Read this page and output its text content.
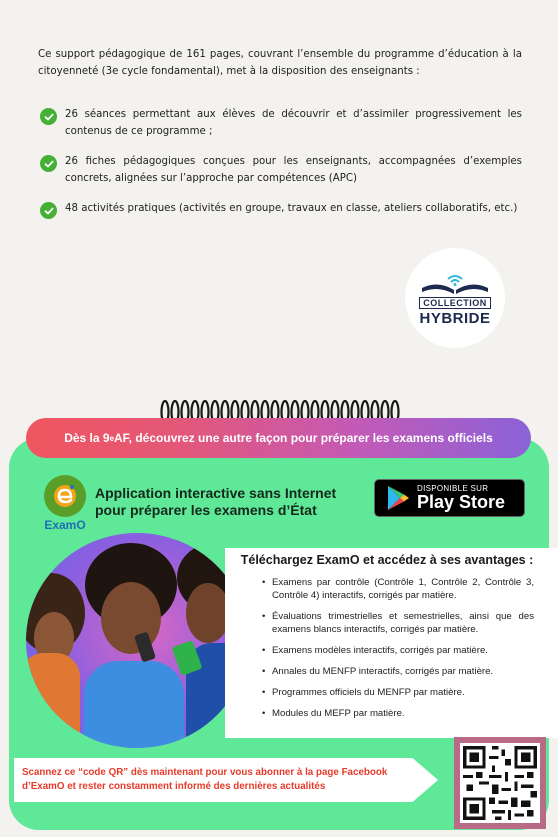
Ce support pédagogique de 161 pages, couvrant l’ensemble du programme d’éducation à la citoyenneté (3e cycle fondamental), met à la disposition des enseignants :

26 séances permettant aux élèves de découvrir et d’assimiler progressivement les contenus de ce programme ;
26 fiches pédagogiques conçues pour les enseignants, accompagnées d’exemples concrets, alignées sur l’approche par compétences (APC)
48 activités pratiques (activités en groupe, travaux en classe, ateliers collaboratifs, etc.)
COLLECTION
HYBRIDE
Dès la 9 e AF, découvrez une autre façon pour préparer les examens officiels
ExamO
Application interactive sans Internet pour préparer les examens d’État
DISPONIBLE SUR
Play Store
Téléchargez ExamO et accédez à ses avantages :
• Examens par contrôle (Contrôle 1, Contrôle 2, Contrôle 3, Contrôle 4) interactifs, corrigés par matière.
• Évaluations trimestrielles et semestrielles, ainsi que des examens blancs interactifs, corrigés par matière.
• Examens modèles interactifs, corrigés par matière.
• Annales du MENFP interactifs, corrigés par matière.
• Programmes officiels du MENFP par matière.
• Modules du MEFP par matière.
Scannez ce “code QR” dès maintenant pour vous abonner à la page Facebook d’ExamO et rester constamment informé des dernières actualités
